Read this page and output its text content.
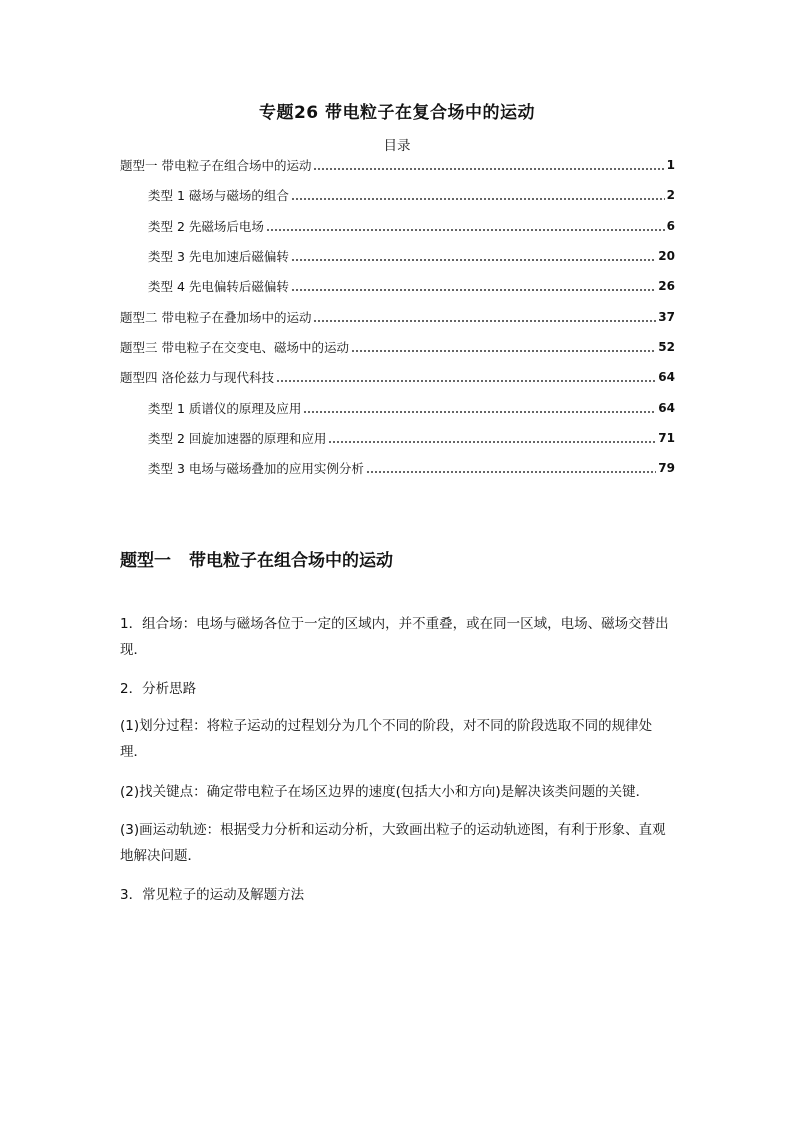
专题26 带电粒子在复合场中的运动
目录
题型一 带电粒子在组合场中的运动	1
类型 1 磁场与磁场的组合	2
类型 2 先磁场后电场	6
类型 3 先电加速后磁偏转	20
类型 4 先电偏转后磁偏转	26
题型二 带电粒子在叠加场中的运动	37
题型三 带电粒子在交变电、磁场中的运动	52
题型四 洛伦兹力与现代科技	64
类型 1 质谱仪的原理及应用	64
类型 2 回旋加速器的原理和应用	71
类型 3 电场与磁场叠加的应用实例分析	79
题型一 带电粒子在组合场中的运动
1．组合场：电场与磁场各位于一定的区域内，并不重叠，或在同一区域，电场、磁场交替出现．
2．分析思路
(1)划分过程：将粒子运动的过程划分为几个不同的阶段，对不同的阶段选取不同的规律处理．
(2)找关键点：确定带电粒子在场区边界的速度(包括大小和方向)是解决该类问题的关键．
(3)画运动轨迹：根据受力分析和运动分析，大致画出粒子的运动轨迹图，有利于形象、直观地解决问题．
3．常见粒子的运动及解题方法
